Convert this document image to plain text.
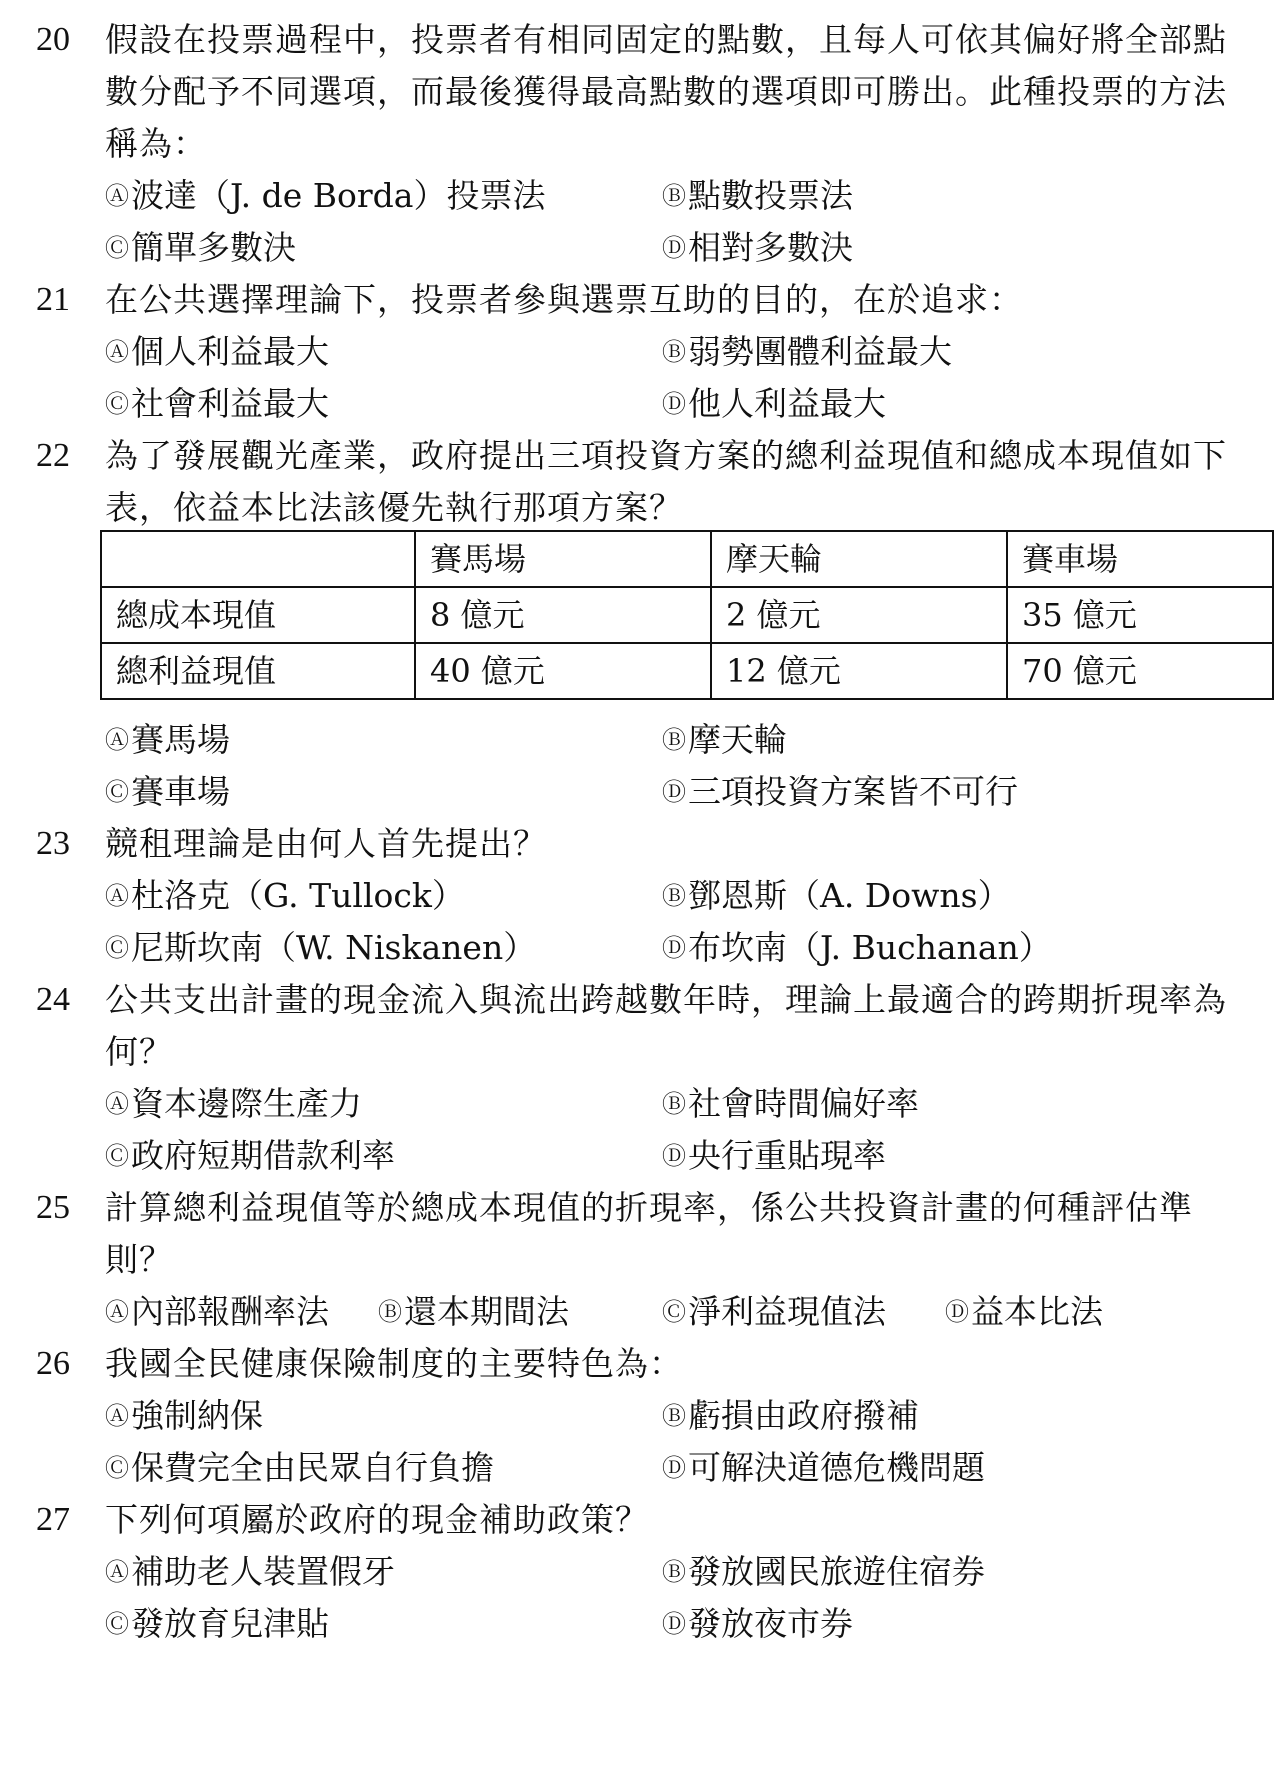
20 假設在投票過程中，投票者有相同固定的點數，且每人可依其偏好將全部點數分配予不同選項，而最後獲得最高點數的選項即可勝出。此種投票的方法稱為：
Ⓐ波達（J. de Borda）投票法	Ⓑ點數投票法
Ⓒ簡單多數決	Ⓓ相對多數決
21 在公共選擇理論下，投票者參與選票互助的目的，在於追求：
Ⓐ個人利益最大	Ⓑ弱勢團體利益最大
Ⓒ社會利益最大	Ⓓ他人利益最大
22 為了發展觀光產業，政府提出三項投資方案的總利益現值和總成本現值如下表，依益本比法該優先執行那項方案？
	賽馬場	摩天輪	賽車場
總成本現值	8 億元	2 億元	35 億元
總利益現值	40 億元	12 億元	70 億元
Ⓐ賽馬場	Ⓑ摩天輪
Ⓒ賽車場	Ⓓ三項投資方案皆不可行
23 競租理論是由何人首先提出？
Ⓐ杜洛克（G. Tullock）	Ⓑ鄧恩斯（A. Downs）
Ⓒ尼斯坎南（W. Niskanen）	Ⓓ布坎南（J. Buchanan）
24 公共支出計畫的現金流入與流出跨越數年時，理論上最適合的跨期折現率為何？
Ⓐ資本邊際生產力	Ⓑ社會時間偏好率
Ⓒ政府短期借款利率	Ⓓ央行重貼現率
25 計算總利益現值等於總成本現值的折現率，係公共投資計畫的何種評估準則？
Ⓐ內部報酬率法 Ⓑ還本期間法	Ⓒ淨利益現值法 Ⓓ益本比法
26 我國全民健康保險制度的主要特色為：
Ⓐ強制納保	Ⓑ虧損由政府撥補
Ⓒ保費完全由民眾自行負擔	Ⓓ可解決道德危機問題
27 下列何項屬於政府的現金補助政策？
Ⓐ補助老人裝置假牙	Ⓑ發放國民旅遊住宿券
Ⓒ發放育兒津貼	Ⓓ發放夜市券
